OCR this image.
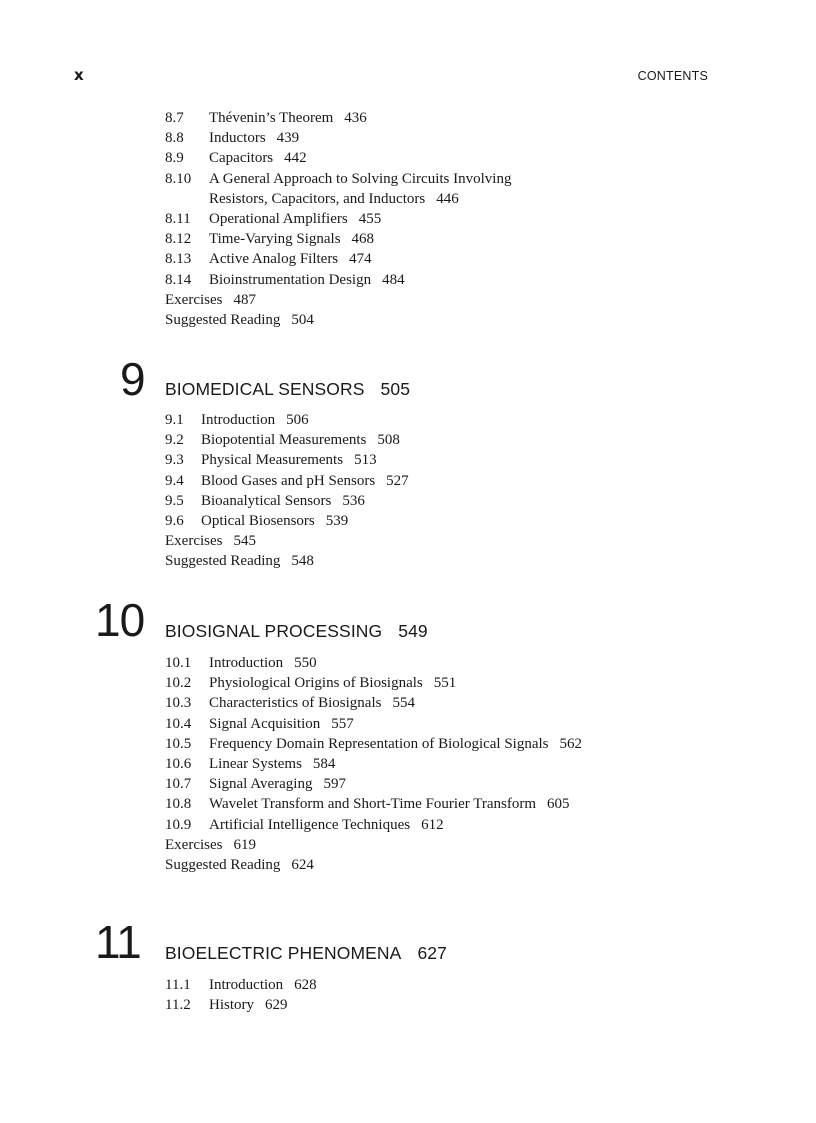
x	CONTENTS
8.7 Thévenin’s Theorem 436
8.8 Inductors 439
8.9 Capacitors 442
8.10 A General Approach to Solving Circuits Involving
Resistors, Capacitors, and Inductors 446
8.11 Operational Amplifiers 455
8.12 Time-Varying Signals 468
8.13 Active Analog Filters 474
8.14 Bioinstrumentation Design 484
Exercises 487
Suggested Reading 504
9 BIOMEDICAL SENSORS 505
9.1 Introduction 506
9.2 Biopotential Measurements 508
9.3 Physical Measurements 513
9.4 Blood Gases and pH Sensors 527
9.5 Bioanalytical Sensors 536
9.6 Optical Biosensors 539
Exercises 545
Suggested Reading 548
10 BIOSIGNAL PROCESSING 549
10.1 Introduction 550
10.2 Physiological Origins of Biosignals 551
10.3 Characteristics of Biosignals 554
10.4 Signal Acquisition 557
10.5 Frequency Domain Representation of Biological Signals 562
10.6 Linear Systems 584
10.7 Signal Averaging 597
10.8 Wavelet Transform and Short-Time Fourier Transform 605
10.9 Artificial Intelligence Techniques 612
Exercises 619
Suggested Reading 624
11 BIOELECTRIC PHENOMENA 627
11.1 Introduction 628
11.2 History 629
